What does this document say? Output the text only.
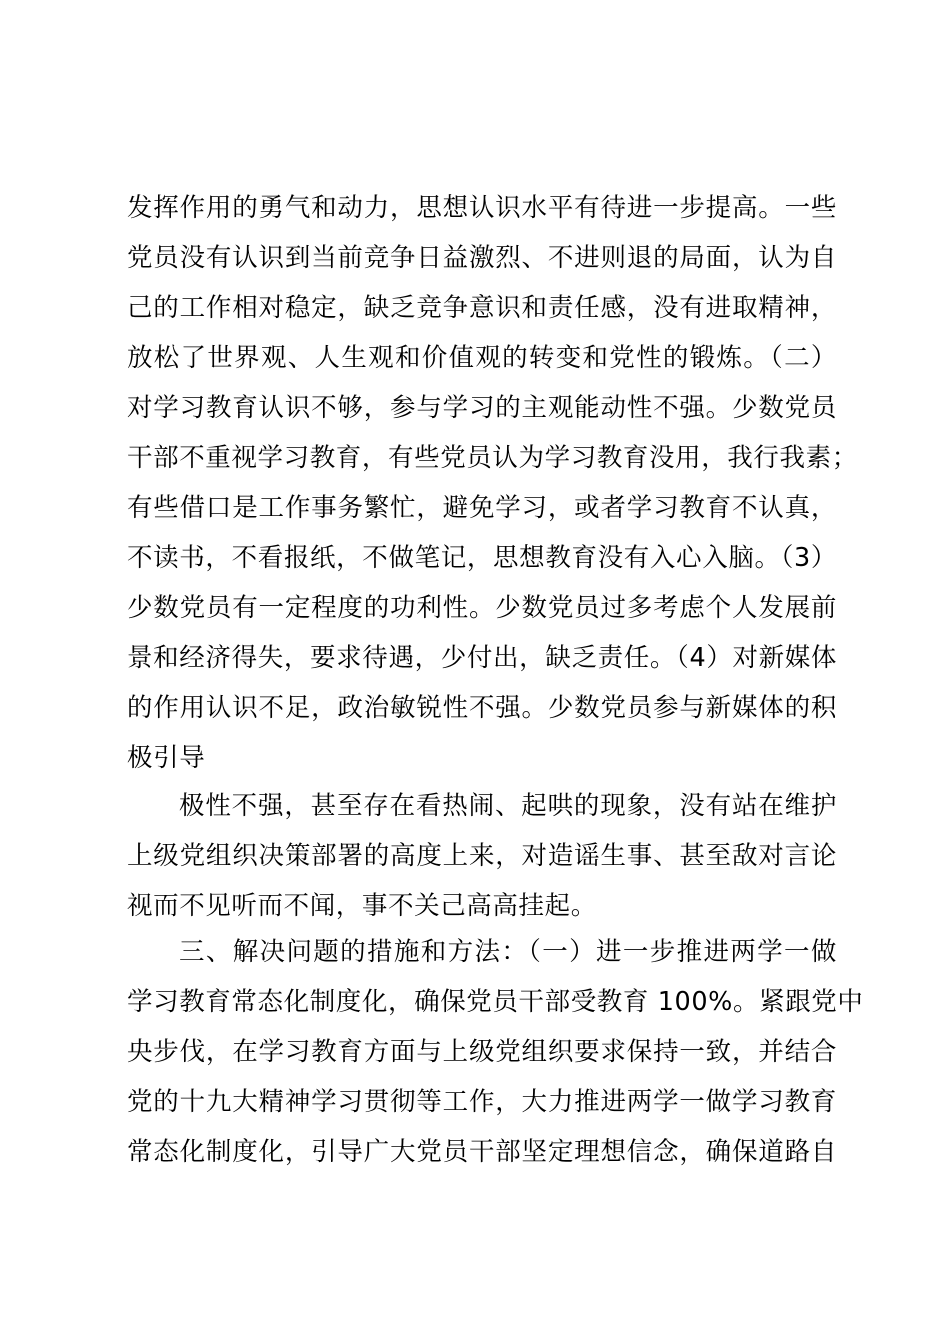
发挥作用的勇气和动力，思想认识水平有待进一步提高。一些
党员没有认识到当前竞争日益激烈、不进则退的局面，认为自
己的工作相对稳定，缺乏竞争意识和责任感，没有进取精神，
放松了世界观、人生观和价值观的转变和党性的锻炼。（二）
对学习教育认识不够，参与学习的主观能动性不强。少数党员
干部不重视学习教育，有些党员认为学习教育没用，我行我素；
有些借口是工作事务繁忙，避免学习，或者学习教育不认真，
不读书，不看报纸，不做笔记，思想教育没有入心入脑。（3）
少数党员有一定程度的功利性。少数党员过多考虑个人发展前
景和经济得失，要求待遇，少付出，缺乏责任。（4）对新媒体
的作用认识不足，政治敏锐性不强。少数党员参与新媒体的积
极引导
极性不强，甚至存在看热闹、起哄的现象，没有站在维护
上级党组织决策部署的高度上来，对造谣生事、甚至敌对言论
视而不见听而不闻，事不关己高高挂起。
三、解决问题的措施和方法：（一）进一步推进两学一做
学习教育常态化制度化，确保党员干部受教育 100%。紧跟党中
央步伐，在学习教育方面与上级党组织要求保持一致，并结合
党的十九大精神学习贯彻等工作，大力推进两学一做学习教育
常态化制度化，引导广大党员干部坚定理想信念，确保道路自
